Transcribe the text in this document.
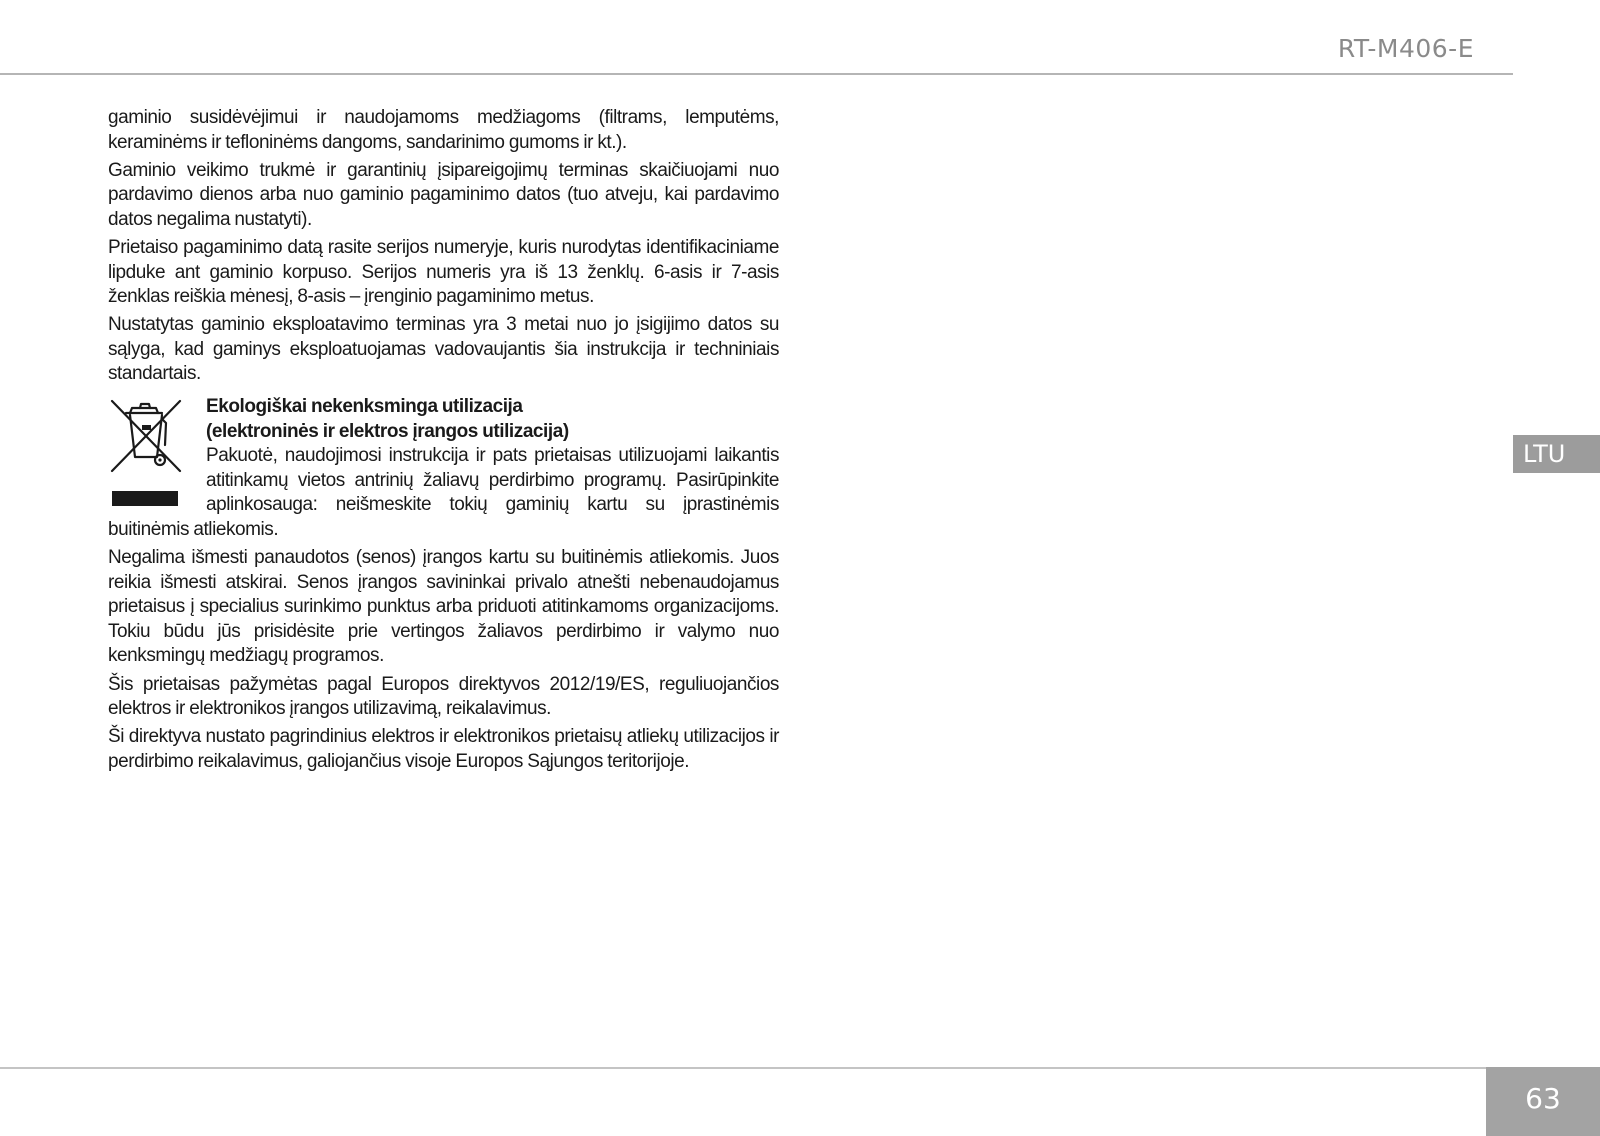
RT-M406-E

gaminio susidėvėjimui ir naudojamoms medžiagoms (filtrams, lemputėms, keraminėms ir tefloninėms dangoms, sandarinimo gumoms ir kt.).

Gaminio veikimo trukmė ir garantinių įsipareigojimų terminas skaičiuojami nuo pardavimo dienos arba nuo gaminio pagaminimo datos (tuo atveju, kai pardavimo datos negalima nustatyti).

Prietaiso pagaminimo datą rasite serijos numeryje, kuris nurodytas identifikaciniame lipduke ant gaminio korpuso. Serijos numeris yra iš 13 ženklų. 6-asis ir 7-asis ženklas reiškia mėnesį, 8-asis – įrenginio pagaminimo metus.

Nustatytas gaminio eksploatavimo terminas yra 3 metai nuo jo įsigijimo datos su sąlyga, kad gaminys eksploatuojamas vadovaujantis šia instrukcija ir techniniais standartais.

Ekologiškai nekenksminga utilizacija
(elektroninės ir elektros įrangos utilizacija)

Pakuotė, naudojimosi instrukcija ir pats prietaisas utilizuojami laikantis atitinkamų vietos antrinių žaliavų perdirbimo programų. Pasirūpinkite aplinkosauga: neišmeskite tokių gaminių kartu su įprastinėmis buitinėmis atliekomis.

Negalima išmesti panaudotos (senos) įrangos kartu su buitinėmis atliekomis. Juos reikia išmesti atskirai. Senos įrangos savininkai privalo atnešti nebenaudojamus prietaisus į specialius surinkimo punktus arba priduoti atitinkamoms organizacijoms. Tokiu būdu jūs prisidėsite prie vertingos žaliavos perdirbimo ir valymo nuo kenksmingų medžiagų programos.

Šis prietaisas pažymėtas pagal Europos direktyvos 2012/19/ES, reguliuojančios elektros ir elektronikos įrangos utilizavimą, reikalavimus.

Ši direktyva nustato pagrindinius elektros ir elektronikos prietaisų atliekų utilizacijos ir perdirbimo reikalavimus, galiojančius visoje Europos Sąjungos teritorijoje.

LTU
63
